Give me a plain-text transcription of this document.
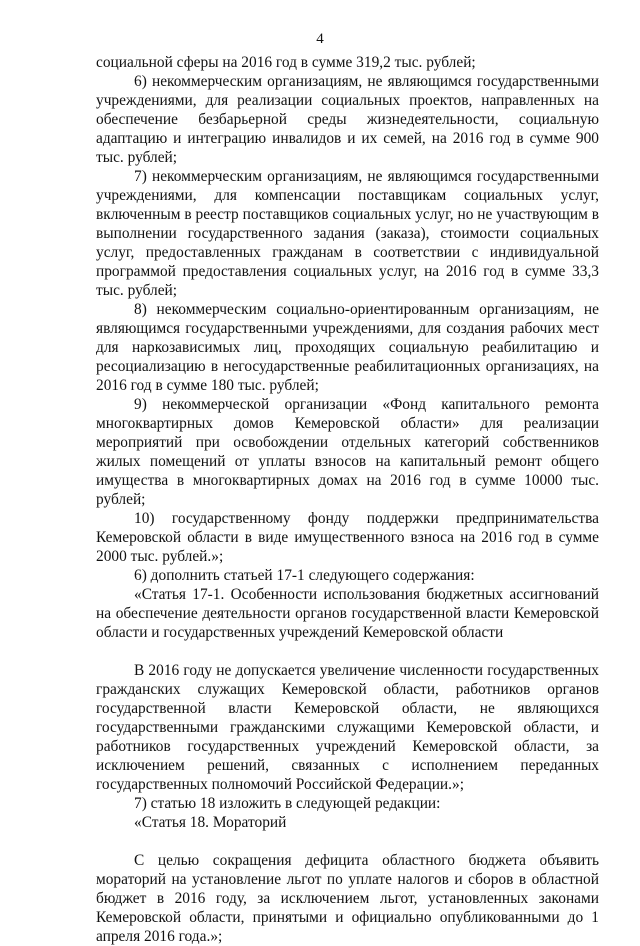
4

социальной сферы на 2016 год в сумме 319,2 тыс. рублей;

6) некоммерческим организациям, не являющимся государственными учреждениями, для реализации социальных проектов, направленных на обеспечение безбарьерной среды жизнедеятельности, социальную адаптацию и интеграцию инвалидов и их семей, на 2016 год в сумме 900 тыс. рублей;

7) некоммерческим организациям, не являющимся государственными учреждениями, для компенсации поставщикам социальных услуг, включенным в реестр поставщиков социальных услуг, но не участвующим в выполнении государственного задания (заказа), стоимости социальных услуг, предоставленных гражданам в соответствии с индивидуальной программой предоставления социальных услуг, на 2016 год в сумме 33,3 тыс. рублей;

8) некоммерческим социально-ориентированным организациям, не являющимся государственными учреждениями, для создания рабочих мест для наркозависимых лиц, проходящих социальную реабилитацию и ресоциализацию в негосударственные реабилитационных организациях, на 2016 год в сумме 180 тыс. рублей;

9) некоммерческой организации «Фонд капитального ремонта многоквартирных домов Кемеровской области» для реализации мероприятий при освобождении отдельных категорий собственников жилых помещений от уплаты взносов на капитальный ремонт общего имущества в многоквартирных домах на 2016 год в сумме 10000 тыс. рублей;

10) государственному фонду поддержки предпринимательства Кемеровской области в виде имущественного взноса на 2016 год в сумме 2000 тыс. рублей.»;

6) дополнить статьей 17-1 следующего содержания:

«Статья 17-1. Особенности использования бюджетных ассигнований на обеспечение деятельности органов государственной власти Кемеровской области и государственных учреждений Кемеровской области

В 2016 году не допускается увеличение численности государственных гражданских служащих Кемеровской области, работников органов государственной власти Кемеровской области, не являющихся государственными гражданскими служащими Кемеровской области, и работников государственных учреждений Кемеровской области, за исключением решений, связанных с исполнением переданных государственных полномочий Российской Федерации.»;

7) статью 18 изложить в следующей редакции:

«Статья 18. Мораторий

С целью сокращения дефицита областного бюджета объявить мораторий на установление льгот по уплате налогов и сборов в областной бюджет в 2016 году, за исключением льгот, установленных законами Кемеровской области, принятыми и официально опубликованными до 1 апреля 2016 года.»;
